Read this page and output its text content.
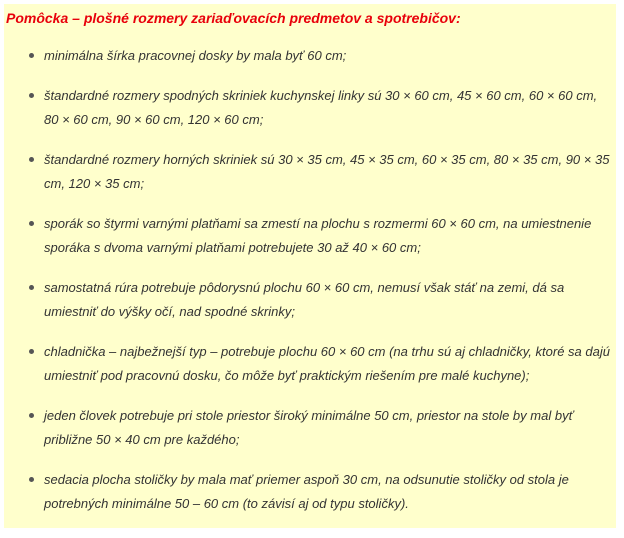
Pomôcka – plošné rozmery zariaďovacích predmetov a spotrebičov:
minimálna šírka pracovnej dosky by mala byť 60 cm;
štandardné rozmery spodných skriniek kuchynskej linky sú 30 × 60 cm, 45 × 60 cm, 60 × 60 cm, 80 × 60 cm, 90 × 60 cm, 120 × 60 cm;
štandardné rozmery horných skriniek sú 30 × 35 cm, 45 × 35 cm, 60 × 35 cm, 80 × 35 cm, 90 × 35 cm, 120 × 35 cm;
sporák so štyrmi varnými platňami sa zmestí na plochu s rozmermi 60 × 60 cm, na umiestnenie sporáka s dvoma varnými platňami potrebujete 30 až 40 × 60 cm;
samostatná rúra potrebuje pôdorysnú plochu 60 × 60 cm, nemusí však stáť na zemi, dá sa umiestniť do výšky očí, nad spodné skrinky;
chladnička – najbežnejší typ – potrebuje plochu 60 × 60 cm (na trhu sú aj chladničky, ktoré sa dajú umiestniť pod pracovnú dosku, čo môže byť praktickým riešením pre malé kuchyne);
jeden človek potrebuje pri stole priestor široký minimálne 50 cm, priestor na stole by mal byť približne 50 × 40 cm pre každého;
sedacia plocha stoličky by mala mať priemer aspoň 30 cm, na odsunutie stoličky od stola je potrebných minimálne 50 – 60 cm (to závisí aj od typu stoličky).
